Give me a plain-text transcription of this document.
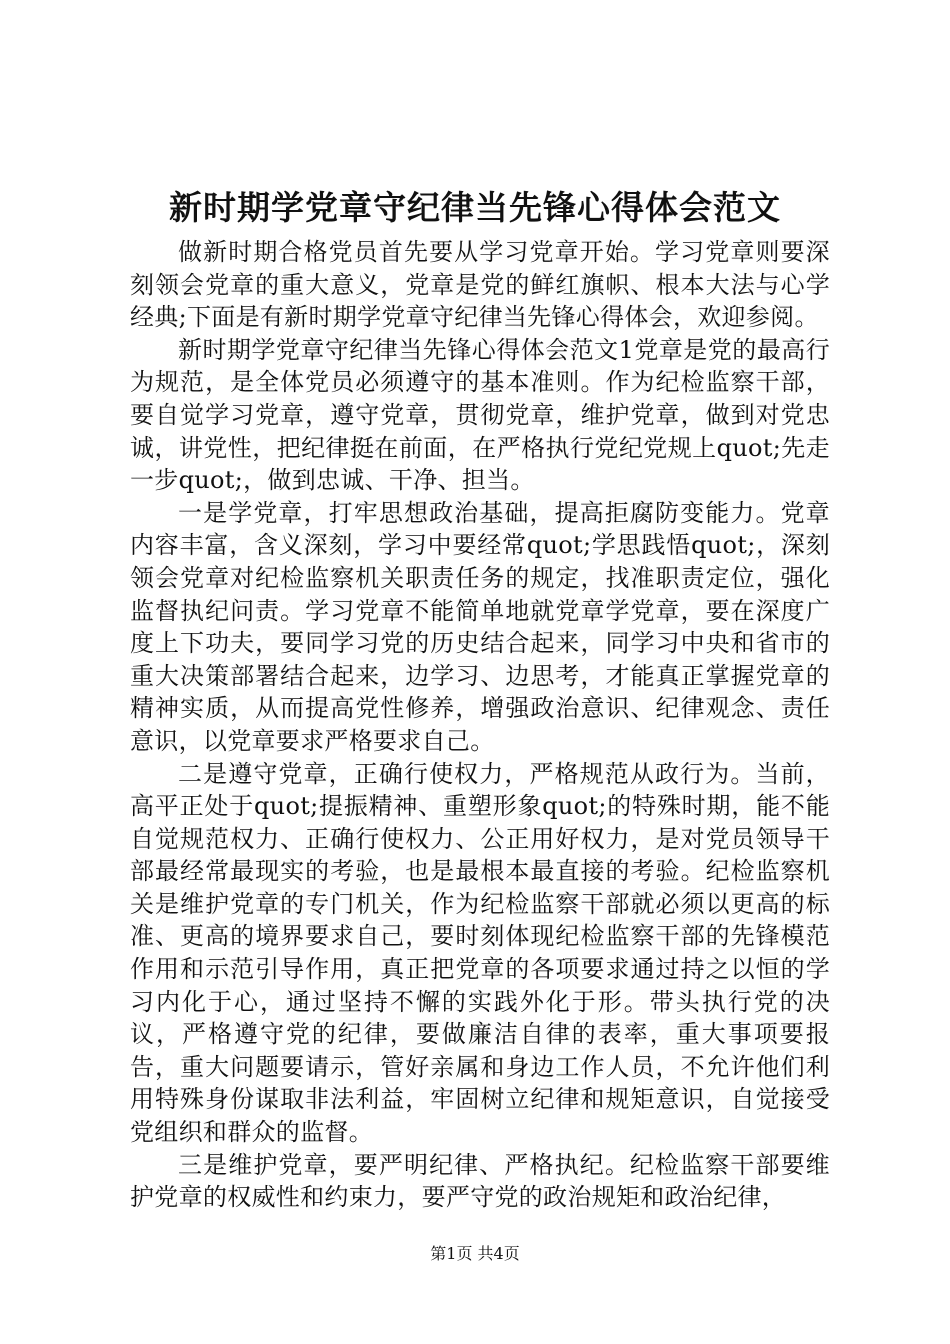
新时期学党章守纪律当先锋心得体会范文

做新时期合格党员首先要从学习党章开始。学习党章则要深刻领会党章的重大意义，党章是党的鲜红旗帜、根本大法与心学经典;下面是有新时期学党章守纪律当先锋心得体会，欢迎参阅。

新时期学党章守纪律当先锋心得体会范文1党章是党的最高行为规范，是全体党员必须遵守的基本准则。作为纪检监察干部，要自觉学习党章，遵守党章，贯彻党章，维护党章，做到对党忠诚，讲党性，把纪律挺在前面，在严格执行党纪党规上quot;先走一步quot;，做到忠诚、干净、担当。

一是学党章，打牢思想政治基础，提高拒腐防变能力。党章内容丰富，含义深刻，学习中要经常quot;学思践悟quot;，深刻领会党章对纪检监察机关职责任务的规定，找准职责定位，强化监督执纪问责。学习党章不能简单地就党章学党章，要在深度广度上下功夫，要同学习党的历史结合起来，同学习中央和省市的重大决策部署结合起来，边学习、边思考，才能真正掌握党章的精神实质，从而提高党性修养，增强政治意识、纪律观念、责任意识，以党章要求严格要求自己。

二是遵守党章，正确行使权力，严格规范从政行为。当前，高平正处于quot;提振精神、重塑形象quot;的特殊时期，能不能自觉规范权力、正确行使权力、公正用好权力，是对党员领导干部最经常最现实的考验，也是最根本最直接的考验。纪检监察机关是维护党章的专门机关，作为纪检监察干部就必须以更高的标准、更高的境界要求自己，要时刻体现纪检监察干部的先锋模范作用和示范引导作用，真正把党章的各项要求通过持之以恒的学习内化于心，通过坚持不懈的实践外化于形。带头执行党的决议，严格遵守党的纪律，要做廉洁自律的表率，重大事项要报告，重大问题要请示，管好亲属和身边工作人员，不允许他们利用特殊身份谋取非法利益，牢固树立纪律和规矩意识，自觉接受党组织和群众的监督。

三是维护党章，要严明纪律、严格执纪。纪检监察干部要维护党章的权威性和约束力，要严守党的政治规矩和政治纪律，

第1页 共4页
